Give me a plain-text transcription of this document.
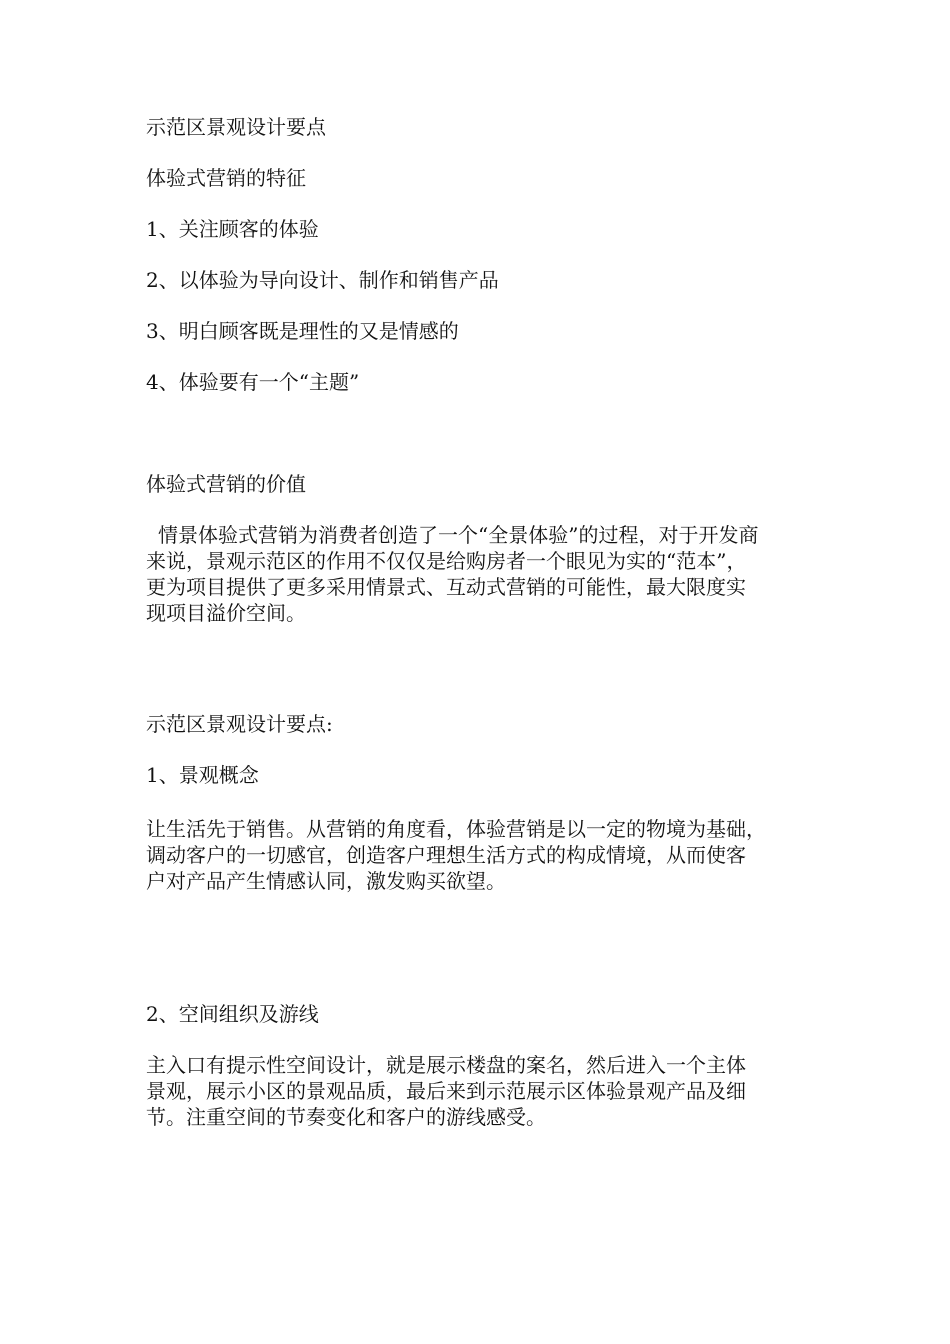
示范区景观设计要点

体验式营销的特征

1、关注顾客的体验

2、以体验为导向设计、制作和销售产品

3、明白顾客既是理性的又是情感的

4、体验要有一个“主题”

体验式营销的价值

情景体验式营销为消费者创造了一个“全景体验”的过程，对于开发商
来说，景观示范区的作用不仅仅是给购房者一个眼见为实的“范本”，
更为项目提供了更多采用情景式、互动式营销的可能性，最大限度实
现项目溢价空间。

示范区景观设计要点:

1、景观概念

让生活先于销售。从营销的角度看，体验营销是以一定的物境为基础，
调动客户的一切感官，创造客户理想生活方式的构成情境，从而使客
户对产品产生情感认同，激发购买欲望。

2、空间组织及游线

主入口有提示性空间设计，就是展示楼盘的案名，然后进入一个主体
景观，展示小区的景观品质，最后来到示范展示区体验景观产品及细
节。注重空间的节奏变化和客户的游线感受。
